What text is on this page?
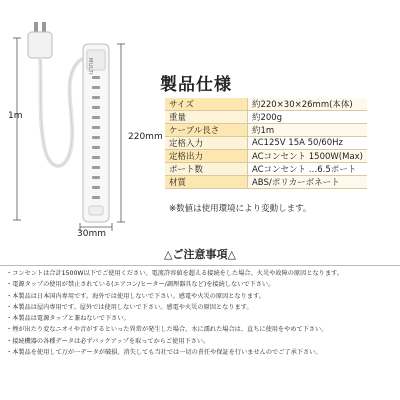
MULTI
1m
220mm
30mm
製品仕様
サイズ	約220×30×26mm(本体)
重量	約200g
ケーブル長さ	約1m
定格入力	AC125V 15A 50/60Hz
定格出力	ACコンセント 1500W(Max)
ポート数	ACコンセント …6.5ポート
材質	ABS/ポリカーボネート
※数値は使用環境により変動します。
△ご注意事項△
・ コンセントは合計1500W以下でご使用ください。電流許容値を超える接続をした場合、火災や故障の原因となります。
・ 電源タップの使用が禁止されている(エアコン/ヒーター/調理器具など)を接続しないで下さい。
・ 本製品は日本国内専用です。海外では使用しないで下さい。感電や火災の原因となります。
・ 本製品は屋内専用です。屋外では使用しないで下さい。感電や火災の原因となります。
・ 本製品は電源タップと兼ねないで下さい。
・ 煙が出たり変なニオイや音がするといった異常が発生した場合、水に濡れた場合は、直ちに使用をやめて下さい。
・ 接続機器の各種データは必ずバックアップを取ってからご使用下さい。
・ 本製品を使用して万が一データが破損、消失しても当社では一切の責任や保証を行いませんのでご了承下さい。
